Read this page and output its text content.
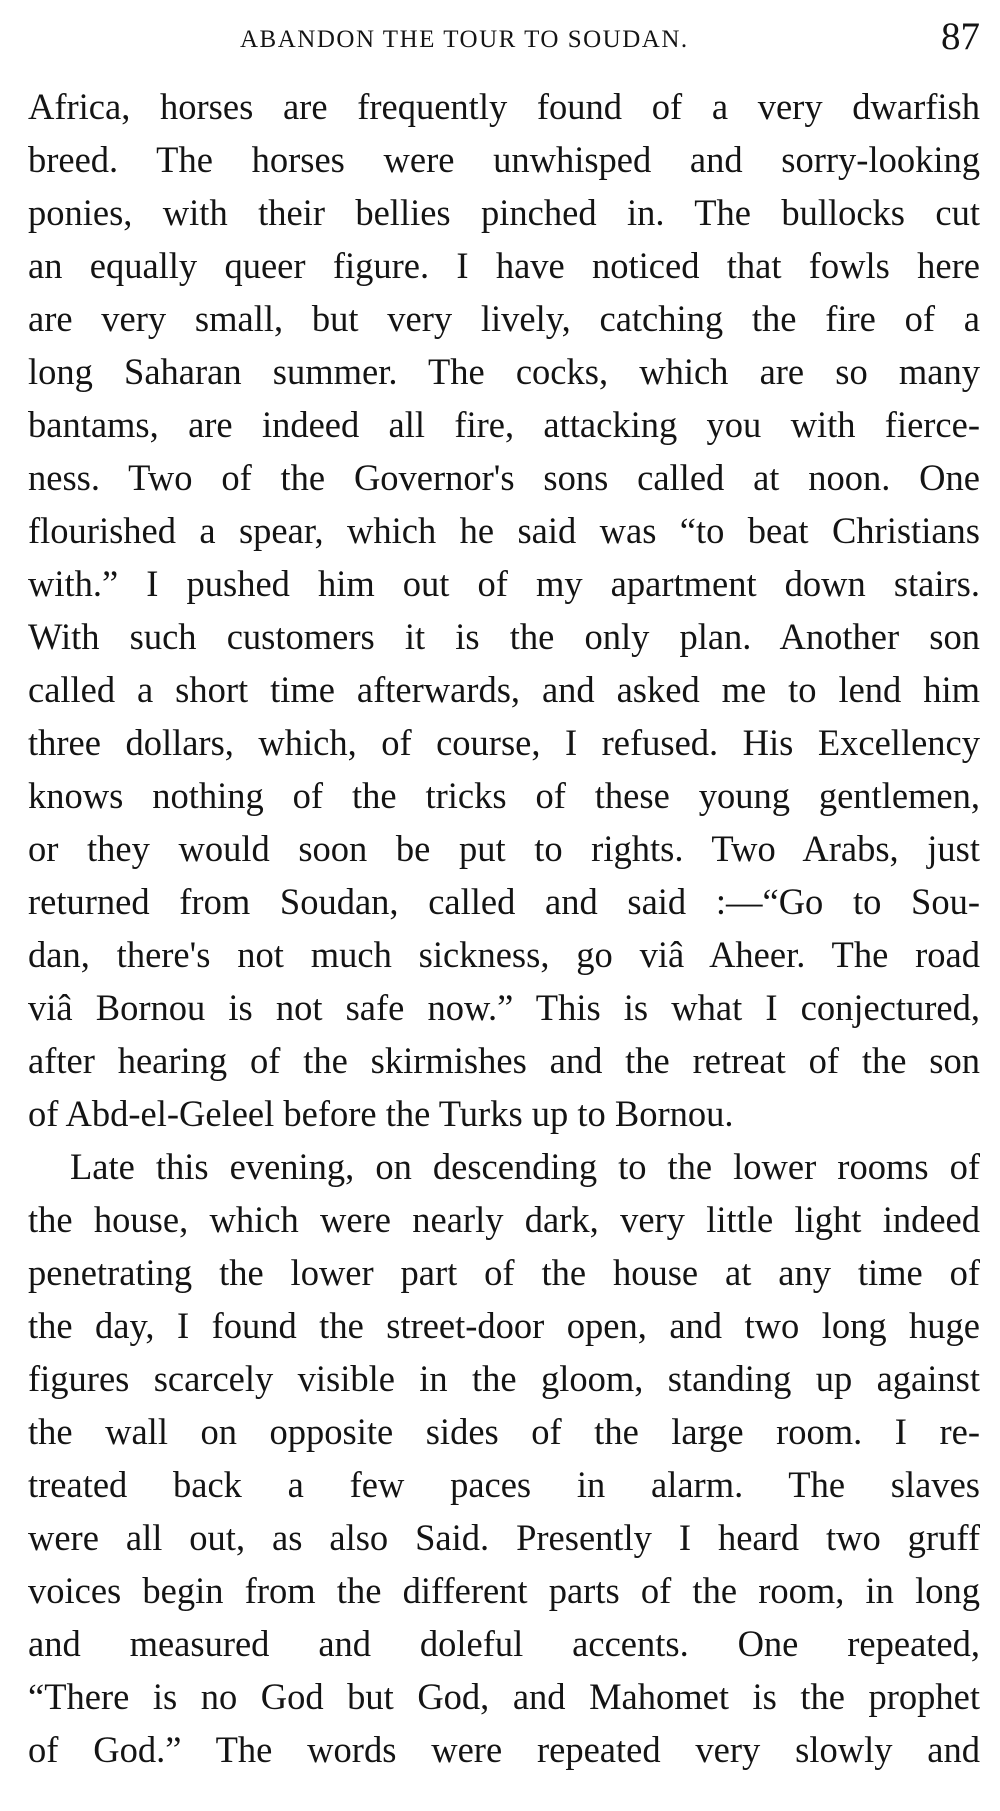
ABANDON THE TOUR TO SOUDAN.	87
Africa, horses are frequently found of a very dwarfish
breed. The horses were unwhisped and sorry-looking
ponies, with their bellies pinched in. The bullocks cut
an equally queer figure. I have noticed that fowls here
are very small, but very lively, catching the fire of a
long Saharan summer. The cocks, which are so many
bantams, are indeed all fire, attacking you with fierce-
ness. Two of the Governor's sons called at noon. One
flourished a spear, which he said was “to beat Christians
with.” I pushed him out of my apartment down stairs.
With such customers it is the only plan. Another son
called a short time afterwards, and asked me to lend him
three dollars, which, of course, I refused. His Excellency
knows nothing of the tricks of these young gentlemen,
or they would soon be put to rights. Two Arabs, just
returned from Soudan, called and said :—“Go to Sou-
dan, there's not much sickness, go viâ Aheer. The road
viâ Bornou is not safe now.” This is what I conjectured,
after hearing of the skirmishes and the retreat of the son
of Abd-el-Geleel before the Turks up to Bornou.
Late this evening, on descending to the lower rooms of
the house, which were nearly dark, very little light indeed
penetrating the lower part of the house at any time of
the day, I found the street-door open, and two long huge
figures scarcely visible in the gloom, standing up against
the wall on opposite sides of the large room. I re-
treated back a few paces in alarm. The slaves
were all out, as also Said. Presently I heard two gruff
voices begin from the different parts of the room, in long
and measured and doleful accents. One repeated,
“There is no God but God, and Mahomet is the prophet
of God.” The words were repeated very slowly and
